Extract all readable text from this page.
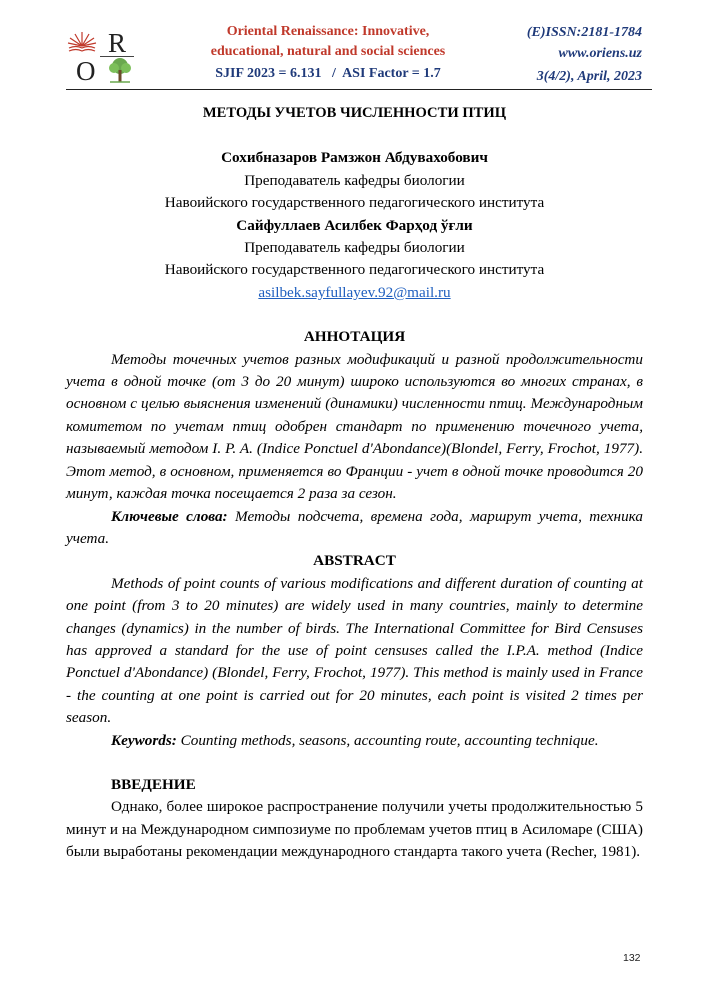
R
O
Oriental Renaissance: Innovative,
educational, natural and social sciences
SJIF 2023 = 6.131   /  ASI Factor = 1.7
(E)ISSN:2181-1784
www.oriens.uz
3(4/2), April, 2023
МЕТОДЫ УЧЕТОВ ЧИСЛЕННОСТИ ПТИЦ
Сохибназаров Рамзжон Абдувахобович
Преподаватель кафедры биологии
Навоийского государственного педагогического института
Сайфуллаев Асилбек Фарҳод ўғли
Преподаватель кафедры биологии
Навоийского государственного педагогического института
asilbek.sayfullayev.92@mail.ru
АННОТАЦИЯ

Методы точечных учетов разных модификаций и разной продолжительности учета в одной точке (от 3 до 20 минут) широко используются во многих странах, в основном с целью выяснения изменений (динамики) численности птиц. Международным комитетом по учетам птиц одобрен стандарт по применению точечного учета, называемый методом I. P. A. (Indice Ponctuel d'Abondance)(Blondel, Ferry, Frochot, 1977). Этот метод, в основном, применяется во Франции - учет в одной точке проводится 20 минут, каждая точка посещается 2 раза за сезон.

Ключевые слова: Методы подсчета, времена года, маршрут учета, техника учета.

ABSTRACT

Methods of point counts of various modifications and different duration of counting at one point (from 3 to 20 minutes) are widely used in many countries, mainly to determine changes (dynamics) in the number of birds. The International Committee for Bird Censuses has approved a standard for the use of point censuses called the I.P.A. method (Indice Ponctuel d'Abondance) (Blondel, Ferry, Frochot, 1977). This method is mainly used in France - the counting at one point is carried out for 20 minutes, each point is visited 2 times per season.

Keywords: Counting methods, seasons, accounting route, accounting technique.

ВВЕДЕНИЕ

Однако, более широкое распространение получили учеты продолжительностью 5 минут и на Международном симпозиуме по проблемам учетов птиц в Асиломаре (США) были выработаны рекомендации международного стандарта такого учета (Recher, 1981).

132
